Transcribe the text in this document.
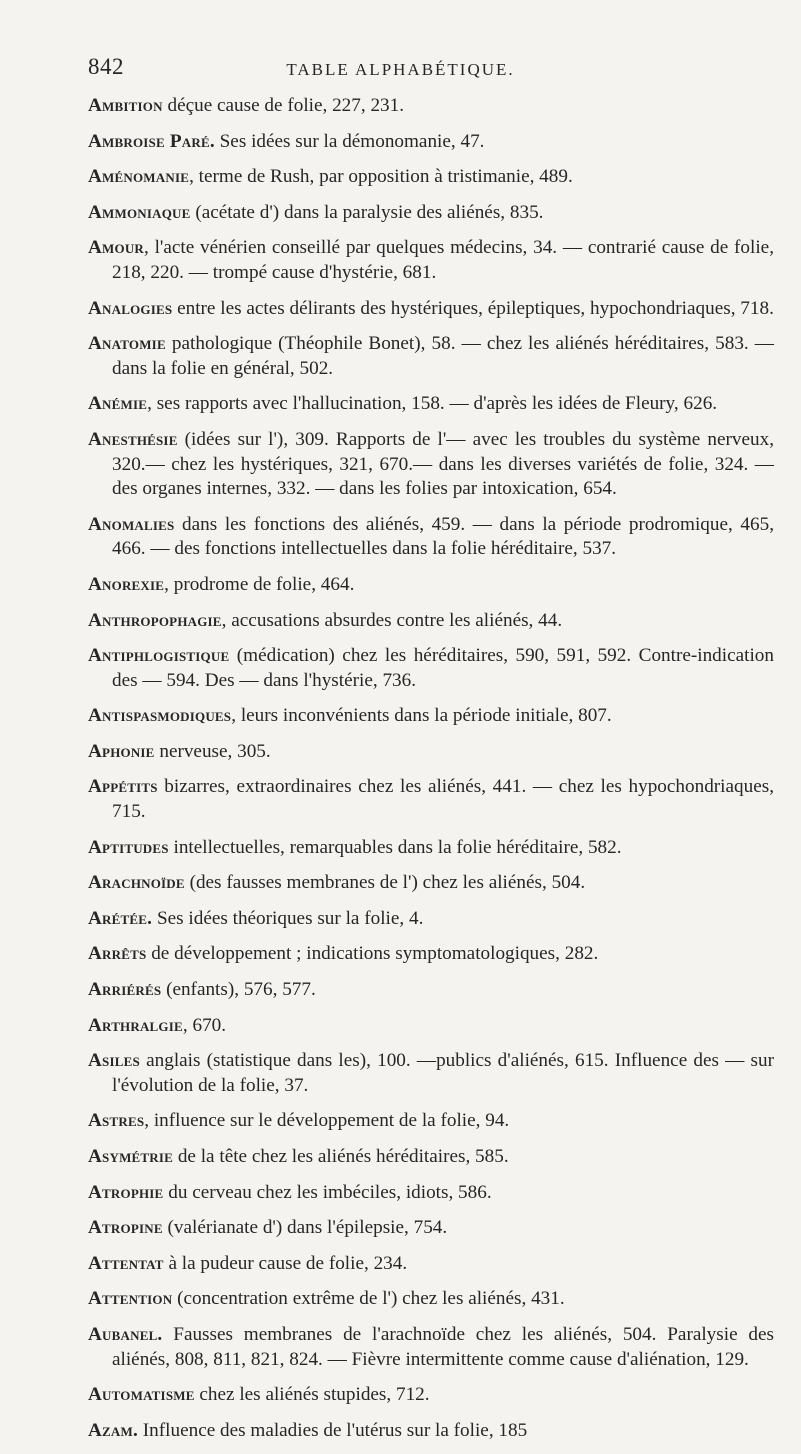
842	TABLE ALPHABÉTIQUE.

Ambition déçue cause de folie, 227, 231.

Ambroise Paré. Ses idées sur la démonomanie, 47.

Aménomanie, terme de Rush, par opposition à tristimanie, 489.

Ammoniaque (acétate d') dans la paralysie des aliénés, 835.

Amour, l'acte vénérien conseillé par quelques médecins, 34. — contrarié cause de folie, 218, 220. — trompé cause d'hystérie, 681.

Analogies entre les actes délirants des hystériques, épileptiques, hypochondriaques, 718.

Anatomie pathologique (Théophile Bonet), 58. — chez les aliénés héréditaires, 583. — dans la folie en général, 502.

Anémie, ses rapports avec l'hallucination, 158. — d'après les idées de Fleury, 626.

Anesthésie (idées sur l'), 309. Rapports de l'— avec les troubles du système nerveux, 320.— chez les hystériques, 321, 670.— dans les diverses variétés de folie, 324. — des organes internes, 332. — dans les folies par intoxication, 654.

Anomalies dans les fonctions des aliénés, 459. — dans la période prodromique, 465, 466. — des fonctions intellectuelles dans la folie héréditaire, 537.

Anorexie, prodrome de folie, 464.

Anthropophagie, accusations absurdes contre les aliénés, 44.

Antiphlogistique (médication) chez les héréditaires, 590, 591, 592. Contre-indication des — 594. Des — dans l'hystérie, 736.

Antispasmodiques, leurs inconvénients dans la période initiale, 807.

Aphonie nerveuse, 305.

Appétits bizarres, extraordinaires chez les aliénés, 441. — chez les hypochondriaques, 715.

Aptitudes intellectuelles, remarquables dans la folie héréditaire, 582.

Arachnoïde (des fausses membranes de l') chez les aliénés, 504.

Arétée. Ses idées théoriques sur la folie, 4.

Arrêts de développement ; indications symptomatologiques, 282.

Arriérés (enfants), 576, 577.

Arthralgie, 670.

Asiles anglais (statistique dans les), 100. —publics d'aliénés, 615. Influence des — sur l'évolution de la folie, 37.

Astres, influence sur le développement de la folie, 94.

Asymétrie de la tête chez les aliénés héréditaires, 585.

Atrophie du cerveau chez les imbéciles, idiots, 586.

Atropine (valérianate d') dans l'épilepsie, 754.

Attentat à la pudeur cause de folie, 234.

Attention (concentration extrême de l') chez les aliénés, 431.

Aubanel. Fausses membranes de l'arachnoïde chez les aliénés, 504. Paralysie des aliénés, 808, 811, 821, 824. — Fièvre intermittente comme cause d'aliénation, 129.

Automatisme chez les aliénés stupides, 712.

Azam. Influence des maladies de l'utérus sur la folie, 185
